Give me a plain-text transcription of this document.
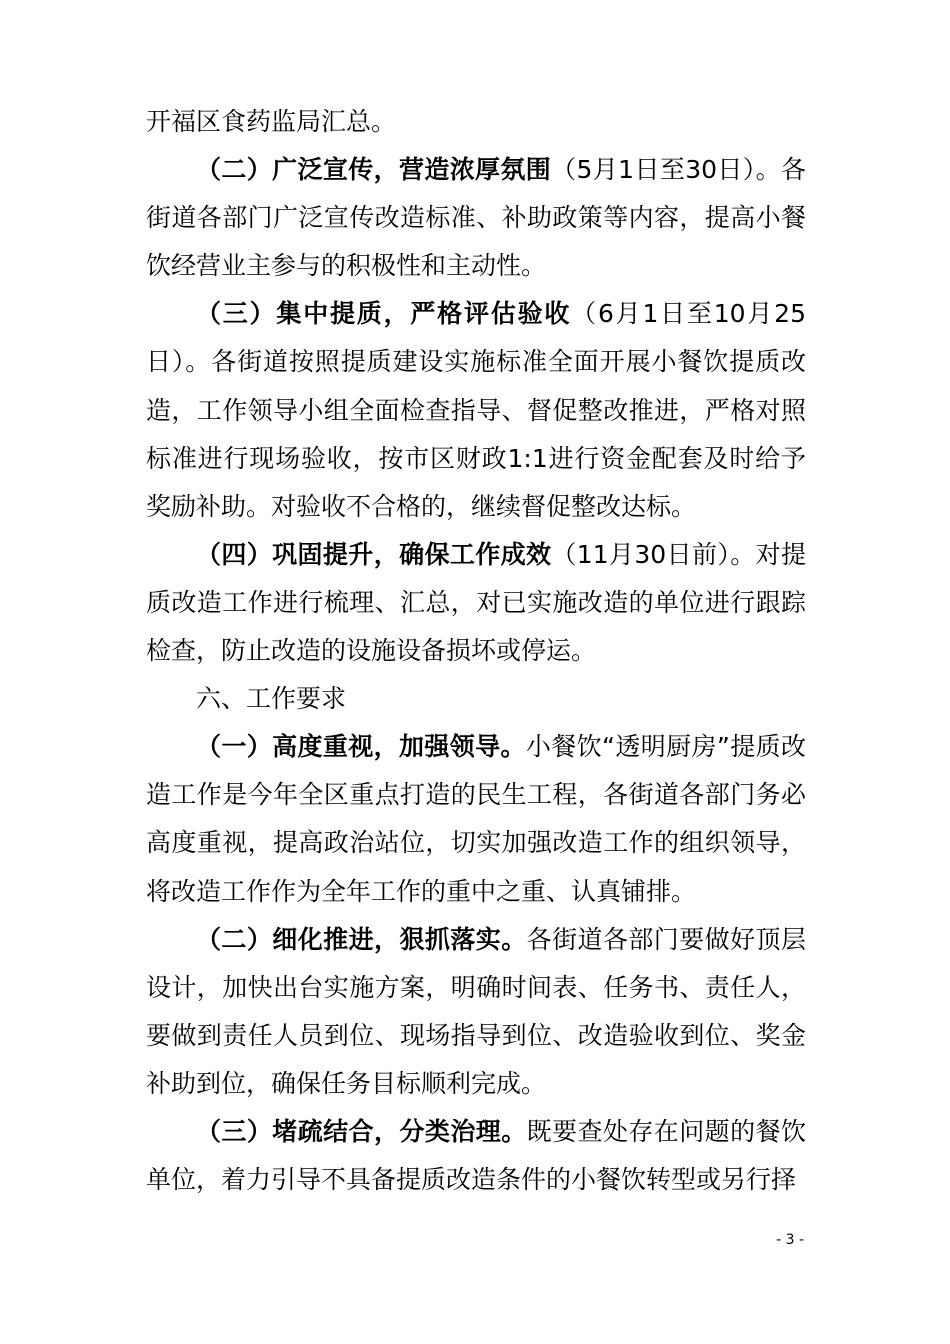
开福区食药监局汇总。

（二）广泛宣传，营造浓厚氛围（5月1日至30日）。各街道各部门广泛宣传改造标准、补助政策等内容，提高小餐饮经营业主参与的积极性和主动性。

（三）集中提质，严格评估验收（6月1日至10月25日）。各街道按照提质建设实施标准全面开展小餐饮提质改造，工作领导小组全面检查指导、督促整改推进，严格对照标准进行现场验收，按市区财政1:1进行资金配套及时给予奖励补助。对验收不合格的，继续督促整改达标。

（四）巩固提升，确保工作成效（11月30日前）。对提质改造工作进行梳理、汇总，对已实施改造的单位进行跟踪检查，防止改造的设施设备损坏或停运。

六、工作要求

（一）高度重视，加强领导。小餐饮“透明厨房”提质改造工作是今年全区重点打造的民生工程，各街道各部门务必高度重视，提高政治站位，切实加强改造工作的组织领导，将改造工作作为全年工作的重中之重、认真铺排。

（二）细化推进，狠抓落实。各街道各部门要做好顶层设计，加快出台实施方案，明确时间表、任务书、责任人，要做到责任人员到位、现场指导到位、改造验收到位、奖金补助到位，确保任务目标顺利完成。

（三）堵疏结合，分类治理。既要查处存在问题的餐饮单位，着力引导不具备提质改造条件的小餐饮转型或另行择

- 3 -
